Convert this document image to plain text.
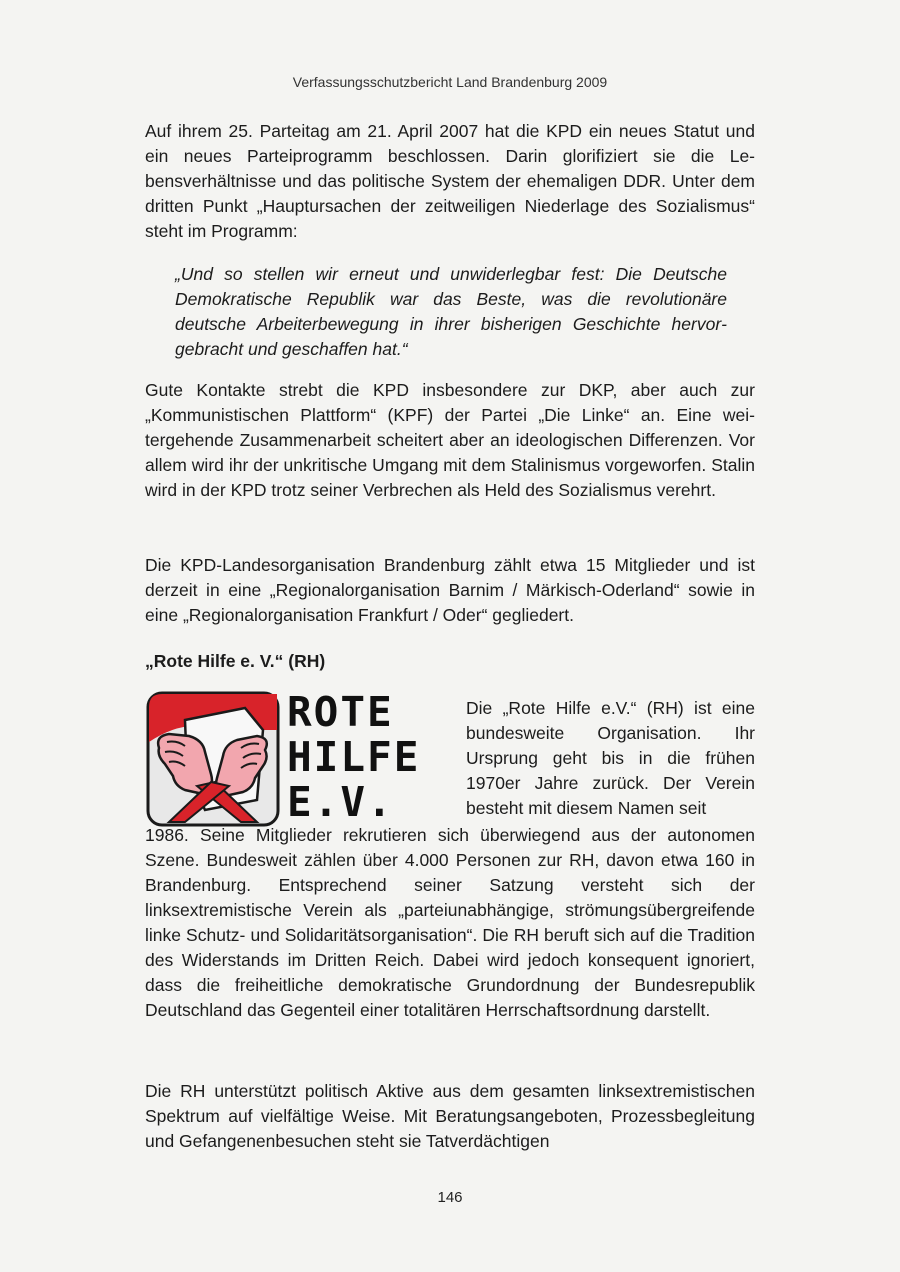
Verfassungsschutzbericht Land Brandenburg 2009
Auf ihrem 25. Parteitag am 21. April 2007 hat die KPD ein neues Statut und ein neues Parteiprogramm beschlossen. Darin glorifiziert sie die Lebensverhältnisse und das politische System der ehemaligen DDR. Unter dem dritten Punkt „Hauptursachen der zeitweiligen Niederlage des Sozialismus“ steht im Programm:
„Und so stellen wir erneut und unwiderlegbar fest: Die Deutsche Demokratische Republik war das Beste, was die revolutionäre deutsche Arbeiterbewegung in ihrer bisherigen Geschichte hervorgebracht und geschaffen hat.“
Gute Kontakte strebt die KPD insbesondere zur DKP, aber auch zur „Kommunistischen Plattform“ (KPF) der Partei „Die Linke“ an. Eine weitergehende Zusammenarbeit scheitert aber an ideologischen Differenzen. Vor allem wird ihr der unkritische Umgang mit dem Stalinismus vorgeworfen. Stalin wird in der KPD trotz seiner Verbrechen als Held des Sozialismus verehrt.
Die KPD-Landesorganisation Brandenburg zählt etwa 15 Mitglieder und ist derzeit in eine „Regionalorganisation Barnim / Märkisch-Oderland“ sowie in eine „Regionalorganisation Frankfurt / Oder“ gegliedert.
„Rote Hilfe e. V.“ (RH)
ROTE
HILFE
E.V.
Die „Rote Hilfe e.V.“ (RH) ist eine bundesweite Organisation. Ihr Ursprung geht bis in die frühen 1970er Jahre zurück. Der Verein besteht mit diesem Namen seit
1986. Seine Mitglieder rekrutieren sich überwiegend aus der autonomen Szene. Bundesweit zählen über 4.000 Personen zur RH, davon etwa 160 in Brandenburg. Entsprechend seiner Satzung versteht sich der linksextremistische Verein als „parteiunabhängige, strömungsübergreifende linke Schutz- und Solidaritätsorganisation“. Die RH beruft sich auf die Tradition des Widerstands im Dritten Reich. Dabei wird jedoch konsequent ignoriert, dass die freiheitliche demokratische Grundordnung der Bundesrepublik Deutschland das Gegenteil einer totalitären Herrschaftsordnung darstellt.
Die RH unterstützt politisch Aktive aus dem gesamten linksextremistischen Spektrum auf vielfältige Weise. Mit Beratungsangeboten, Prozessbegleitung und Gefangenenbesuchen steht sie Tatverdächtigen
146
